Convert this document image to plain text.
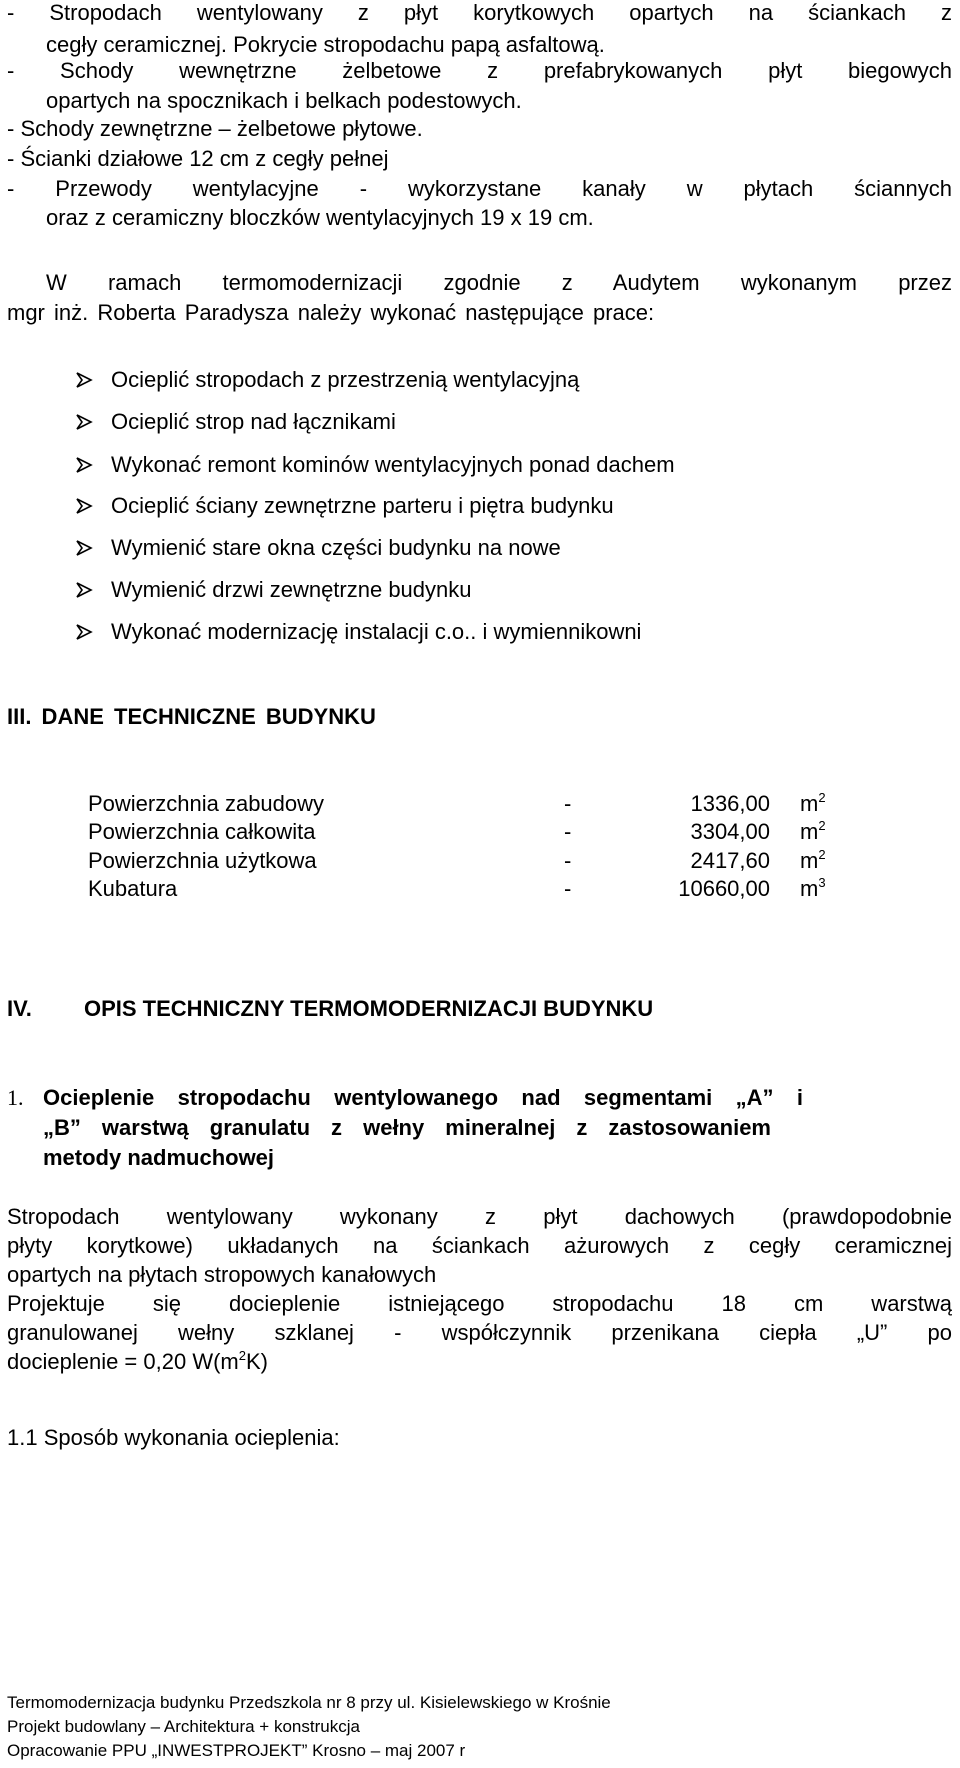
- Stropodach wentylowany z płyt korytkowych opartych na ściankach z
cegły ceramicznej. Pokrycie stropodachu papą asfaltową.
- Schody wewnętrzne żelbetowe z prefabrykowanych płyt biegowych
opartych na spocznikach i belkach podestowych.
- Schody zewnętrzne – żelbetowe płytowe.
- Ścianki działowe 12 cm z cegły pełnej
- Przewody wentylacyjne - wykorzystane kanały w płytach ściannych
oraz z ceramiczny bloczków wentylacyjnych 19 x 19 cm.
W ramach termomodernizacji zgodnie z Audytem wykonanym przez
mgr inż. Roberta Paradysza należy wykonać następujące prace:
Ocieplić stropodach z przestrzenią wentylacyjną
Ocieplić strop nad łącznikami
Wykonać remont kominów wentylacyjnych ponad dachem
Ocieplić ściany zewnętrzne parteru i piętra budynku
Wymienić stare okna części budynku na nowe
Wymienić drzwi zewnętrzne budynku
Wykonać modernizację instalacji c.o.. i wymiennikowni
III. DANE TECHNICZNE BUDYNKU
Powierzchnia zabudowy	-	1336,00 $m^2$
Powierzchnia całkowita	-	3304,00 $m^2$
Powierzchnia użytkowa	-	2417,60 $m^2$
Kubatura	-	10660,00 $m^3$
IV. OPIS TECHNICZNY TERMOMODERNIZACJI BUDYNKU
1. Ocieplenie stropodachu wentylowanego nad segmentami „A” i
„B” warstwą granulatu z wełny mineralnej z zastosowaniem
metody nadmuchowej
Stropodach wentylowany wykonany z płyt dachowych (prawdopodobnie
płyty korytkowe) układanych na ściankach ażurowych z cegły ceramicznej
opartych na płytach stropowych kanałowych
Projektuje się docieplenie istniejącego stropodachu 18 cm warstwą
granulowanej wełny szklanej - współczynnik przenikana ciepła „U” po
docieplenie = 0,20 $W(m^2K)$
1.1 Sposób wykonania ocieplenia:
Termomodernizacja budynku Przedszkola nr 8 przy ul. Kisielewskiego w Krośnie
Projekt budowlany – Architektura + konstrukcja
Opracowanie PPU „INWESTPROJEKT” Krosno – maj 2007 r
